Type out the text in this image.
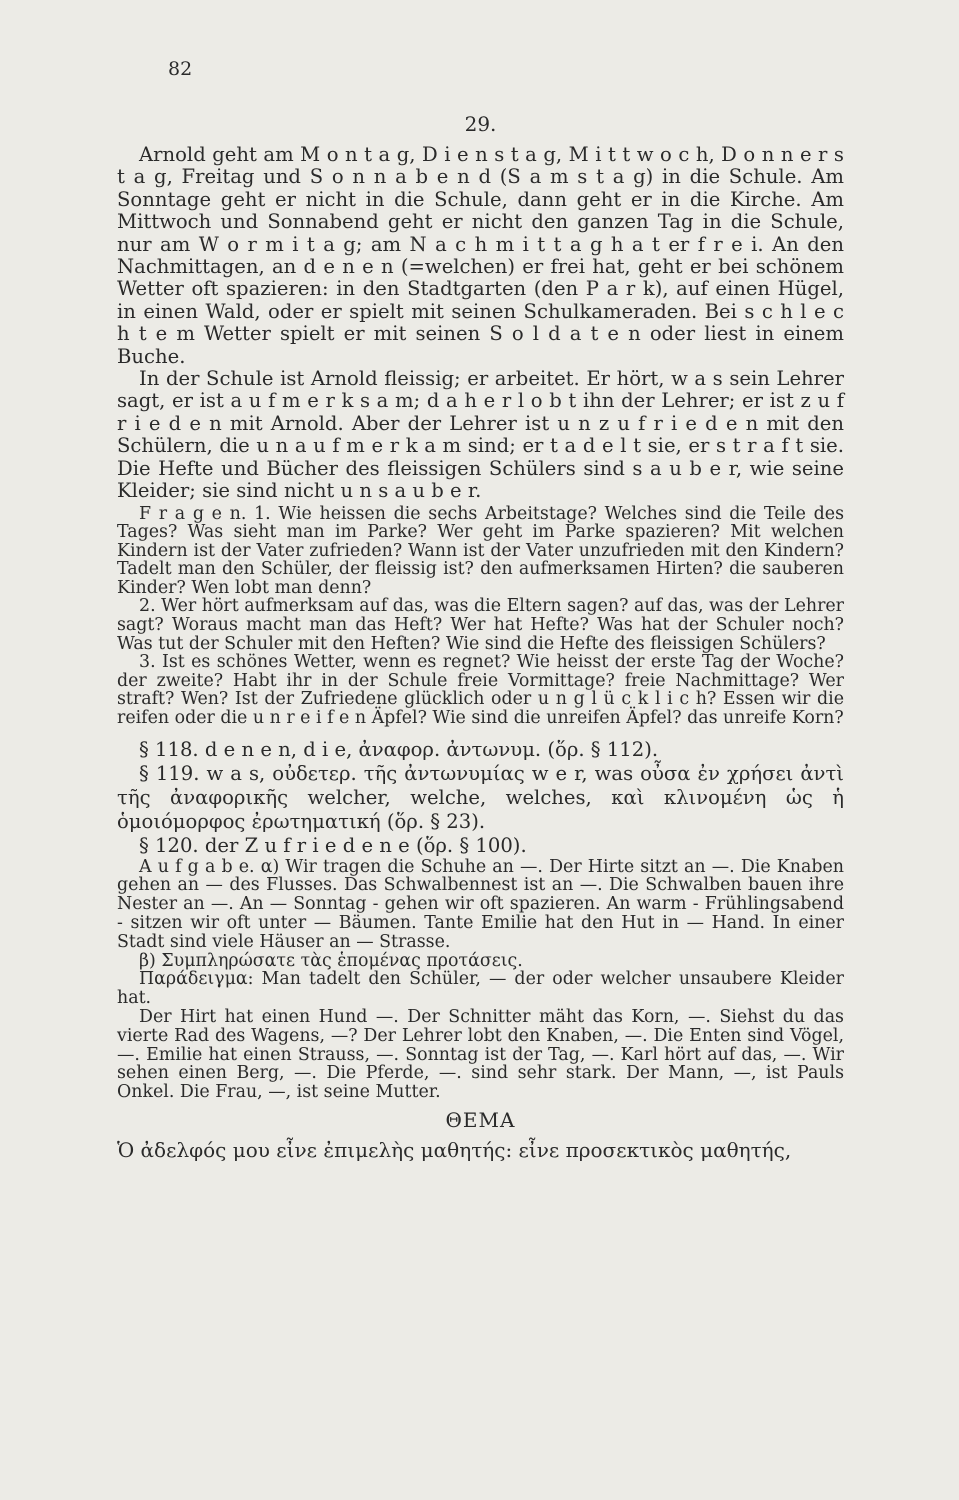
82
29.

Arnold geht am M o n t a g, D i e n s t a g, M i t t w o c h, D o n n e r s t a g, Freitag und S o n n a b e n d (S a m s t a g) in die Schule. Am Sonntage geht er nicht in die Schule, dann geht er in die Kirche. Am Mittwoch und Sonnabend geht er nicht den ganzen Tag in die Schule, nur am W o r m i t a g; am N a c h m i t t a g h a t er f r e i. An den Nachmittagen, an d e n e n (=welchen) er frei hat, geht er bei schönem Wetter oft spazieren: in den Stadtgarten (den P a r k), auf einen Hügel, in einen Wald, oder er spielt mit seinen Schulkameraden. Bei s c h l e c h t e m Wetter spielt er mit seinen S o l d a t e n oder liest in einem Buche.

In der Schule ist Arnold fleissig; er arbeitet. Er hört, w a s sein Lehrer sagt, er ist a u f m e r k s a m; d a h e r l o b t ihn der Lehrer; er ist z u f r i e d e n mit Arnold. Aber der Lehrer ist u n z u f r i e d e n mit den Schülern, die u n a u f m e r k a m sind; er t a d e l t sie, er s t r a f t sie. Die Hefte und Bücher des fleissigen Schülers sind s a u b e r, wie seine Kleider; sie sind nicht u n s a u b e r.

F r a g e n. 1. Wie heissen die sechs Arbeitstage? Welches sind die Teile des Tages? Was sieht man im Parke? Wer geht im Parke spazieren? Mit welchen Kindern ist der Vater zufrieden? Wann ist der Vater unzufrieden mit den Kindern? Tadelt man den Schüler, der fleissig ist? den aufmerksamen Hirten? die sauberen Kinder? Wen lobt man denn?

2. Wer hört aufmerksam auf das, was die Eltern sagen? auf das, was der Lehrer sagt? Woraus macht man das Heft? Wer hat Hefte? Was hat der Schuler noch? Was tut der Schuler mit den Heften? Wie sind die Hefte des fleissigen Schülers?

3. Ist es schönes Wetter, wenn es regnet? Wie heisst der erste Tag der Woche? der zweite? Habt ihr in der Schule freie Vormittage? freie Nachmittage? Wer straft? Wen? Ist der Zufriedene glücklich oder u n g l ü c k l i c h? Essen wir die reifen oder die u n r e i f e n Äpfel? Wie sind die unreifen Äpfel? das unreife Korn?

§ 118. d e n e n, d i e, ἀναφορ. ἀντωνυμ. (ὅρ. § 112).

§ 119. w a s, οὐδετερ. τῆς ἀντωνυμίας w e r, was οὖσα ἐν χρήσει ἀντὶ τῆς ἀναφορικῆς welcher, welche, welches, καὶ κλινομένη ὡς ἡ ὁμοιόμορφος ἐρωτηματική (ὅρ. § 23).

§ 120. der Z u f r i e d e n e (ὅρ. § 100).

A u f g a b e. α) Wir tragen die Schuhe an —. Der Hirte sitzt an —. Die Knaben gehen an — des Flusses. Das Schwalbennest ist an —. Die Schwalben bauen ihre Nester an —. An — Sonntag - gehen wir oft spazieren. An warm - Frühlingsabend - sitzen wir oft unter — Bäumen. Tante Emilie hat den Hut in — Hand. In einer Stadt sind viele Häuser an — Strasse.

β) Συμπληρώσατε τὰς ἑπομένας προτάσεις.

Παράδειγμα: Man tadelt den Schüler, — der oder welcher unsaubere Kleider hat.

Der Hirt hat einen Hund —. Der Schnitter mäht das Korn, —. Siehst du das vierte Rad des Wagens, —? Der Lehrer lobt den Knaben, —. Die Enten sind Vögel, —. Emilie hat einen Strauss, —. Sonntag ist der Tag, —. Karl hört auf das, —. Wir sehen einen Berg, —. Die Pferde, —. sind sehr stark. Der Mann, —, ist Pauls Onkel. Die Frau, —, ist seine Mutter.

ΘΕΜΑ

Ὁ ἀδελφός μου εἶνε ἐπιμελὴς μαθητής: εἶνε προσεκτικὸς μαθητής,
